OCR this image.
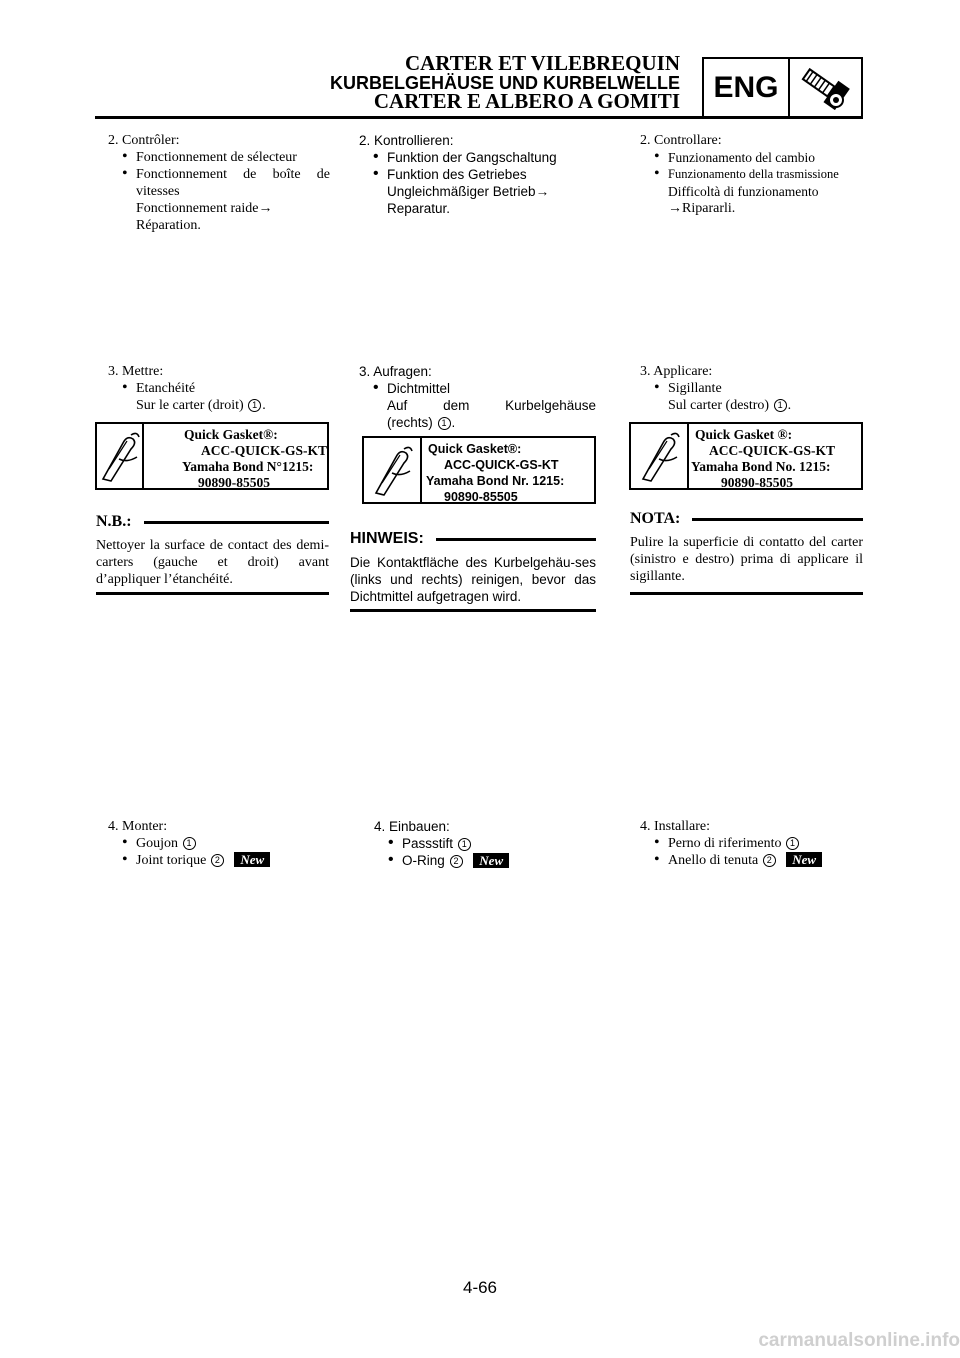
CARTER ET VILEBREQUIN
KURBELGEHÄUSE UND KURBELWELLE
CARTER E ALBERO A GOMITI	ENG
2. Contrôler:
• Fonctionnement de sélecteur
• Fonctionnement de boîte de
vitesses
Fonctionnement raide→
Réparation.
3. Mettre:
• Etanchéité
Sur le carter (droit) 1 .
Quick Gasket®:
ACC-QUICK-GS-KT
Yamaha Bond N°1215:
90890-85505
N.B.:
Nettoyer la surface de contact des demi-carters (gauche et droit) avant d’appliquer l’étanchéité.
4. Monter:
• Goujon 1
• Joint torique 2 New
2. Kontrollieren:
• Funktion der Gangschaltung
• Funktion des Getriebes
Ungleichmäßiger Betrieb→
Reparatur.
3. Aufragen:
• Dichtmittel
Auf dem Kurbelgehäuse
(rechts) 1 .
Quick Gasket®:
ACC-QUICK-GS-KT
Yamaha Bond Nr. 1215:
90890-85505
HINWEIS:
Die Kontaktfläche des Kurbelgehäu-ses (links und rechts) reinigen, bevor das Dichtmittel aufgetragen wird.
4. Einbauen:
• Passstift 1
• O-Ring 2 New
2. Controllare:
• Funzionamento del cambio
• Funzionamento della trasmissione
Difficoltà di funzionamento
→Ripararli.
3. Applicare:
• Sigillante
Sul carter (destro) 1 .
Quick Gasket ®:
ACC-QUICK-GS-KT
Yamaha Bond No. 1215:
90890-85505
NOTA:
Pulire la superficie di contatto del carter (sinistro e destro) prima di applicare il sigillante.
4. Installare:
• Perno di riferimento 1
• Anello di tenuta 2 New
4-66
carmanualsonline.info
